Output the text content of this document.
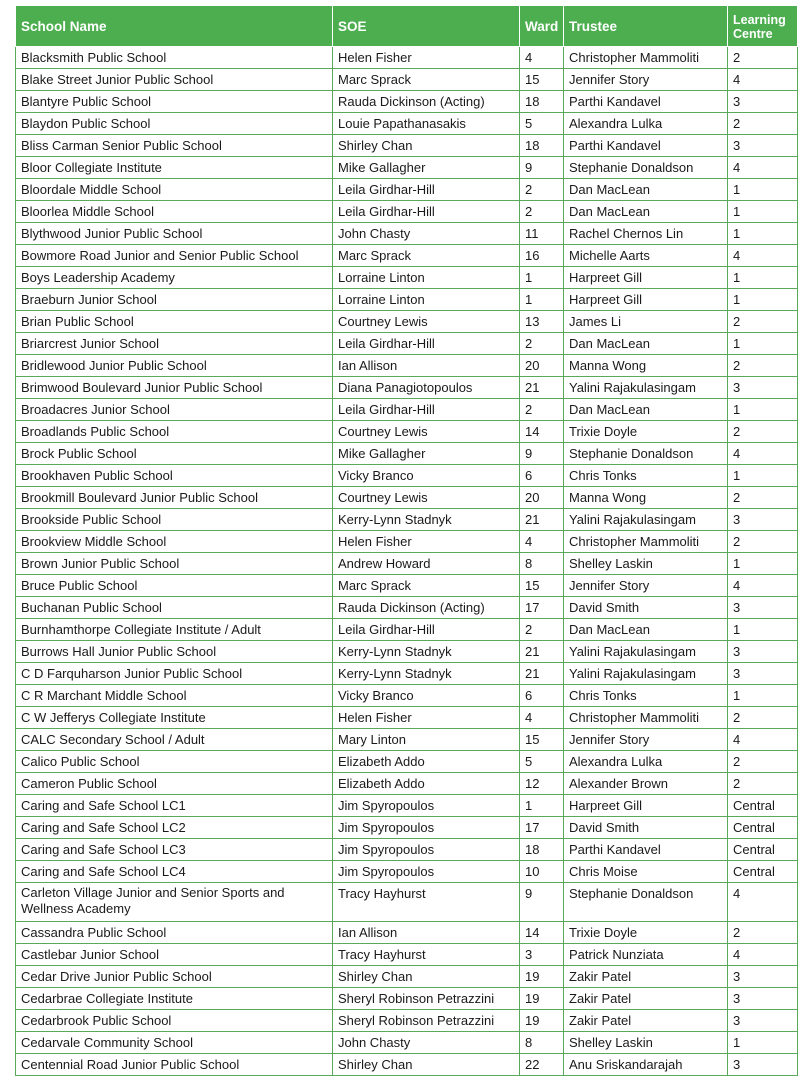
School Name	SOE	Ward	Trustee	Learning Centre
Blacksmith Public School	Helen Fisher	4	Christopher Mammoliti	2
Blake Street Junior Public School	Marc Sprack	15	Jennifer Story	4
Blantyre Public School	Rauda Dickinson (Acting)	18	Parthi Kandavel	3
Blaydon Public School	Louie Papathanasakis	5	Alexandra Lulka	2
Bliss Carman Senior Public School	Shirley Chan	18	Parthi Kandavel	3
Bloor Collegiate Institute	Mike Gallagher	9	Stephanie Donaldson	4
Bloordale Middle School	Leila Girdhar-Hill	2	Dan MacLean	1
Bloorlea Middle School	Leila Girdhar-Hill	2	Dan MacLean	1
Blythwood Junior Public School	John Chasty	11	Rachel Chernos Lin	1
Bowmore Road Junior and Senior Public School	Marc Sprack	16	Michelle Aarts	4
Boys Leadership Academy	Lorraine Linton	1	Harpreet Gill	1
Braeburn Junior School	Lorraine Linton	1	Harpreet Gill	1
Brian Public School	Courtney Lewis	13	James Li	2
Briarcrest Junior School	Leila Girdhar-Hill	2	Dan MacLean	1
Bridlewood Junior Public School	Ian Allison	20	Manna Wong	2
Brimwood Boulevard Junior Public School	Diana Panagiotopoulos	21	Yalini Rajakulasingam	3
Broadacres Junior School	Leila Girdhar-Hill	2	Dan MacLean	1
Broadlands Public School	Courtney Lewis	14	Trixie Doyle	2
Brock Public School	Mike Gallagher	9	Stephanie Donaldson	4
Brookhaven Public School	Vicky Branco	6	Chris Tonks	1
Brookmill Boulevard Junior Public School	Courtney Lewis	20	Manna Wong	2
Brookside Public School	Kerry-Lynn Stadnyk	21	Yalini Rajakulasingam	3
Brookview Middle School	Helen Fisher	4	Christopher Mammoliti	2
Brown Junior Public School	Andrew Howard	8	Shelley Laskin	1
Bruce Public School	Marc Sprack	15	Jennifer Story	4
Buchanan Public School	Rauda Dickinson (Acting)	17	David Smith	3
Burnhamthorpe Collegiate Institute / Adult	Leila Girdhar-Hill	2	Dan MacLean	1
Burrows Hall Junior Public School	Kerry-Lynn Stadnyk	21	Yalini Rajakulasingam	3
C D Farquharson Junior Public School	Kerry-Lynn Stadnyk	21	Yalini Rajakulasingam	3
C R Marchant Middle School	Vicky Branco	6	Chris Tonks	1
C W Jefferys Collegiate Institute	Helen Fisher	4	Christopher Mammoliti	2
CALC Secondary School / Adult	Mary Linton	15	Jennifer Story	4
Calico Public School	Elizabeth Addo	5	Alexandra Lulka	2
Cameron Public School	Elizabeth Addo	12	Alexander Brown	2
Caring and Safe School LC1	Jim Spyropoulos	1	Harpreet Gill	Central
Caring and Safe School LC2	Jim Spyropoulos	17	David Smith	Central
Caring and Safe School LC3	Jim Spyropoulos	18	Parthi Kandavel	Central
Caring and Safe School LC4	Jim Spyropoulos	10	Chris Moise	Central
Carleton Village Junior and Senior Sports and Wellness Academy	Tracy Hayhurst	9	Stephanie Donaldson	4
Cassandra Public School	Ian Allison	14	Trixie Doyle	2
Castlebar Junior School	Tracy Hayhurst	3	Patrick Nunziata	4
Cedar Drive Junior Public School	Shirley Chan	19	Zakir Patel	3
Cedarbrae Collegiate Institute	Sheryl Robinson Petrazzini	19	Zakir Patel	3
Cedarbrook Public School	Sheryl Robinson Petrazzini	19	Zakir Patel	3
Cedarvale Community School	John Chasty	8	Shelley Laskin	1
Centennial Road Junior Public School	Shirley Chan	22	Anu Sriskandarajah	3
